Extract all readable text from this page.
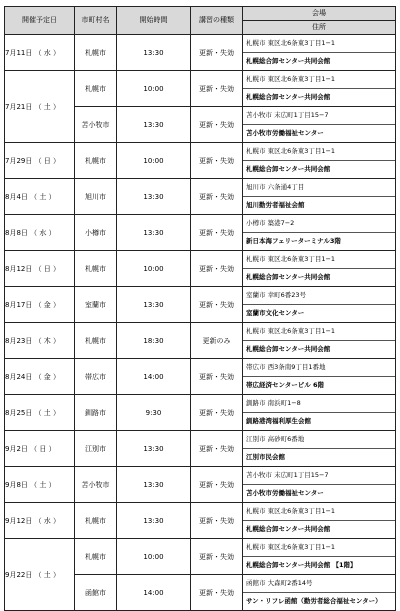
開催予定日	市町村名	開始時間	講習の種類	会場
				住所
7月11日 （ 水 ）	札幌市	13:30	更新・失効	札幌市 東区北6条東3丁目1−1
札幌総合卸センター共同会館

7月21日 （ 土 ）	札幌市	10:00	更新・失効	札幌市 東区北6条東3丁目1−1
札幌総合卸センター共同会館

	苫小牧市	13:30	更新・失効	苫小牧市 末広町1丁目15−7
苫小牧市労働福祉センター

7月29日 （ 日 ）	札幌市	10:00	更新・失効	札幌市 東区北6条東3丁目1−1
札幌総合卸センター共同会館

8月4日 （ 土 ）	旭川市	13:30	更新・失効	旭川市 六条通4丁目
旭川勤労者福祉会館

8月8日 （ 水 ）	小樽市	13:30	更新・失効	小樽市 築港7−2
新日本海フェリーターミナル3階

8月12日 （ 日 ）	札幌市	10:00	更新・失効	札幌市 東区北6条東3丁目1−1
札幌総合卸センター共同会館

8月17日 （ 金 ）	室蘭市	13:30	更新・失効	室蘭市 幸町6番23号
室蘭市文化センター

8月23日 （ 木 ）	札幌市	18:30	更新のみ	札幌市 東区北6条東3丁目1−1
札幌総合卸センター共同会館

8月24日 （ 金 ）	帯広市	14:00	更新・失効	帯広市 西3条南9丁目1番地
帯広経済センタービル 6階

8月25日 （ 土 ）	釧路市	9:30	更新・失効	釧路市 南浜町1−8
釧路港湾福利厚生会館

9月2日 （ 日 ）	江別市	13:30	更新・失効	江別市 高砂町6番地
江別市民会館

9月8日 （ 土 ）	苫小牧市	13:30	更新・失効	苫小牧市 末広町1丁目15−7
苫小牧市労働福祉センター

9月12日 （ 水 ）	札幌市	13:30	更新・失効	札幌市 東区北6条東3丁目1−1
札幌総合卸センター共同会館

9月22日 （ 土 ）	札幌市	10:00	更新・失効	札幌市 東区北6条東3丁目1−1
札幌総合卸センター共同会館 【1階】

	函館市	14:00	更新・失効	函館市 大森町2番14号
サン・リフレ函館（勤労者総合福祉センター）
